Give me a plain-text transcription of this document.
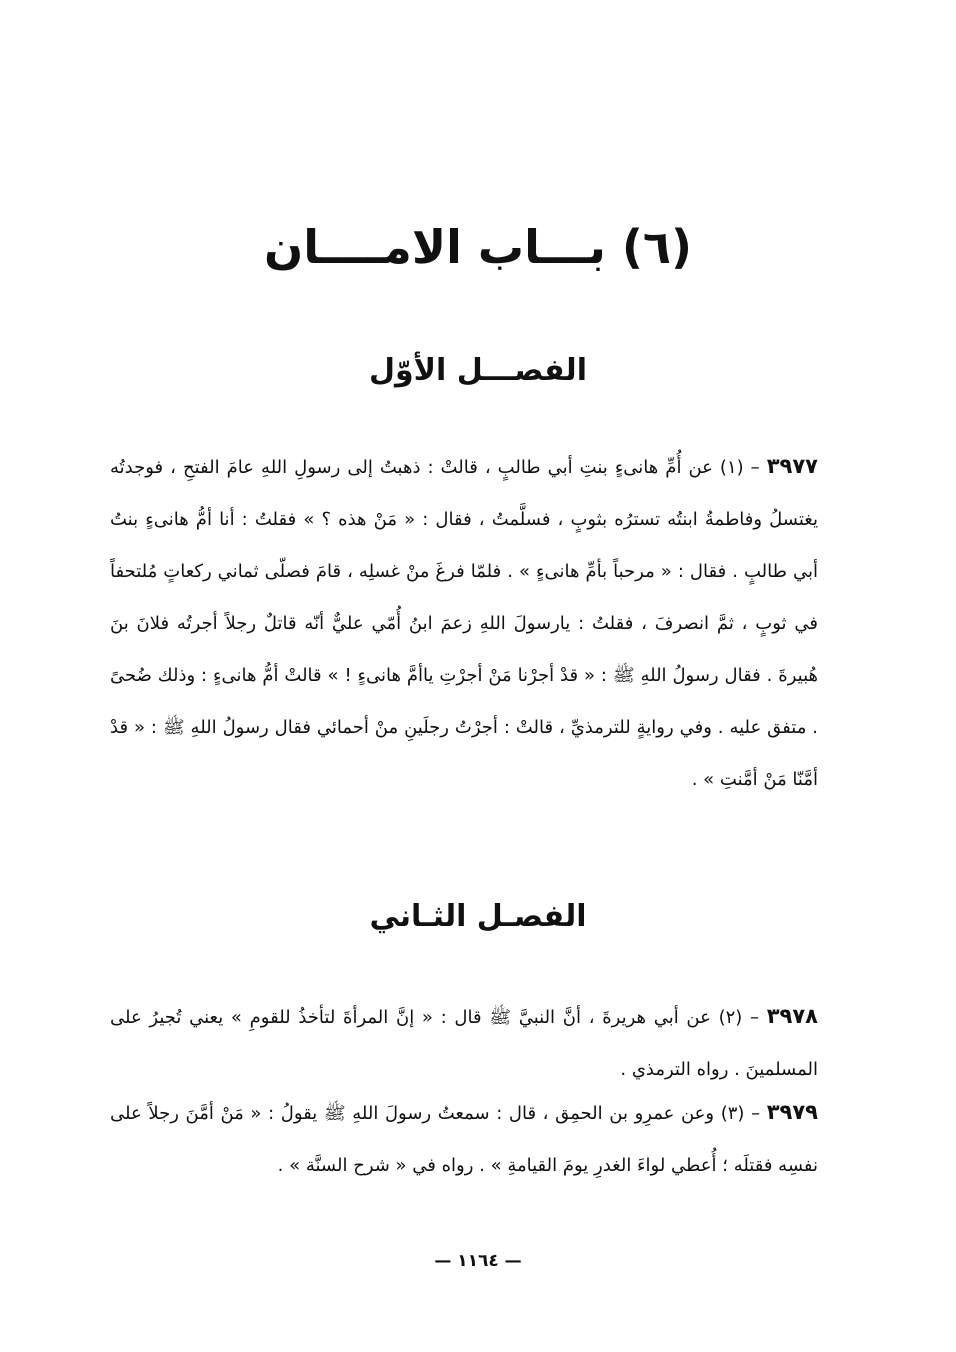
(٦) بـــاب الامــــان
الفصـــل الأوّل
٣٩٧٧ – (١) عن أُمِّ هانىءٍ بنتِ أبي طالبٍ ، قالتْ : ذهبتُ إلى رسولِ اللهِ عامَ الفتحِ ، فوجدتُه يغتسلُ وفاطمةُ ابنتُه تسترُه بثوبٍ ، فسلَّمتُ ، فقال : « مَنْ هذه ؟ » فقلتُ : أنا أمُّ هانىءٍ بنتُ أبي طالبٍ . فقال : « مرحباً بأمِّ هانىءٍ » . فلمّا فرغَ منْ غسلِه ، قامَ فصلّى ثماني ركعاتٍ مُلتحفاً في ثوبٍ ، ثمَّ انصرفَ ، فقلتُ : يارسولَ اللهِ زعمَ ابنُ أُمّي عليٌّ أنّه قاتلٌ رجلاً أجرتُه فلانَ بنَ هُبيرةَ . فقال رسولُ اللهِ ﷺ : « قدْ أجرْنا مَنْ أجرْتِ ياأمَّ هانىءٍ ! » قالتْ أمُّ هانىءٍ : وذلك ضُحىً . متفق عليه . وفي روايةٍ للترمذيِّ ، قالتْ : أجرْتُ رجلَينِ منْ أحمائي فقال رسولُ اللهِ ﷺ : « قدْ أمَّنّا مَنْ أمَّنتِ » .
الفصـل الثـاني
٣٩٧٨ – (٢) عن أبي هريرةَ ، أنَّ النبيَّ ﷺ قال : « إنَّ المرأةَ لتأخذُ للقومِ » يعني تُجيرُ على المسلمينَ . رواه الترمذي .
٣٩٧٩ – (٣) وعن عمرِو بن الحمِق ، قال : سمعتُ رسولَ اللهِ ﷺ يقولُ : « مَنْ أمَّنَ رجلاً على نفسِه فقتلَه ؛ أُعطي لواءَ الغدرِ يومَ القيامةِ » . رواه في « شرح السنَّة » .
— ١١٦٤ —
